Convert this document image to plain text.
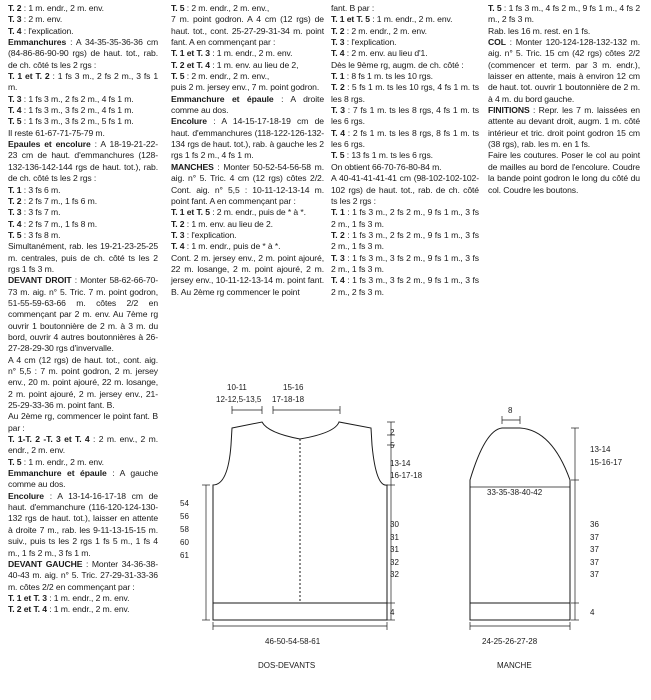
T. 2 : 1 m. endr., 2 m. env.

T. 3 : 2 m. env.

T. 4 : l'explication.

Emmanchures : A 34-35-35-36-36 cm (84-86-86-90-90 rgs) de haut. tot., rab. de ch. côté ts les 2 rgs :

T. 1 et T. 2 : 1 fs 3 m., 2 fs 2 m., 3 fs 1 m.

T. 3 : 1 fs 3 m., 2 fs 2 m., 4 fs 1 m.

T. 4 : 1 fs 3 m., 3 fs 2 m., 4 fs 1 m.

T. 5 : 1 fs 3 m., 3 fs 2 m., 5 fs 1 m.

Il reste 61-67-71-75-79 m.

Epaules et encolure : A 18-19-21-22-23 cm de haut. d'emmanchures (128-132-136-142-144 rgs de haut. tot.), rab. de ch. côté ts les 2 rgs :

T. 1 : 3 fs 6 m.

T. 2 : 2 fs 7 m., 1 fs 6 m.

T. 3 : 3 fs 7 m.

T. 4 : 2 fs 7 m., 1 fs 8 m.

T. 5 : 3 fs 8 m.

Simultanément, rab. les 19-21-23-25-25 m. centrales, puis de ch. côté ts les 2 rgs 1 fs 3 m.

DEVANT DROIT : Monter 58-62-66-70-73 m. aig. n° 5. Tric. 7 m. point godron, 51-55-59-63-66 m. côtes 2/2 en commençant par 2 m. env. Au 7ème rg ouvrir 1 boutonnière de 2 m. à 3 m. du bord, ouvrir 4 autres boutonnières à 26-27-28-29-30 rgs d'invervalle.

A 4 cm (12 rgs) de haut. tot., cont. aig. n° 5,5 : 7 m. point godron, 2 m. jersey env., 20 m. point ajouré, 22 m. losange, 2 m. point ajouré, 2 m. jersey env., 21-25-29-33-36 m. point fant. B.

Au 2ème rg, commencer le point fant. B par :

T. 1-T. 2 -T. 3 et T. 4 : 2 m. env., 2 m. endr., 2 m. env.

T. 5 : 1 m. endr., 2 m. env.

Emmanchure et épaule : A gauche comme au dos.

Encolure : A 13-14-16-17-18 cm de haut. d'emmanchure (116-120-124-130-132 rgs de haut. tot.), laisser en attente à droite 7 m., rab. les 9-11-13-15-15 m. suiv., puis ts les 2 rgs 1 fs 5 m., 1 fs 4 m., 1 fs 2 m., 3 fs 1 m.

DEVANT GAUCHE : Monter 34-36-38-40-43 m. aig. n° 5. Tric. 27-29-31-33-36 m. côtes 2/2 en commençant par :

T. 1 et T. 3 : 1 m. endr., 2 m. env.

T. 2 et T. 4 : 1 m. endr., 2 m. env.

T. 5 : 2 m. endr., 2 m. env.,

7 m. point godron. A 4 cm (12 rgs) de haut. tot., cont. 25-27-29-31-34 m. point fant. A en commençant par :

T. 1 et T. 3 : 1 m. endr., 2 m. env.

T. 2 et T. 4 : 1 m. env. au lieu de 2,

T. 5 : 2 m. endr., 2 m. env.,

puis 2 m. jersey env., 7 m. point godron.

Emmanchure et épaule : A droite comme au dos.

Encolure : A 14-15-17-18-19 cm de haut. d'emmanchures (118-122-126-132-134 rgs de haut. tot.), rab. à gauche les 2 rgs 1 fs 2 m., 4 fs 1 m.

MANCHES : Monter 50-52-54-56-58 m. aig. n° 5. Tric. 4 cm (12 rgs) côtes 2/2. Cont. aig. n° 5,5 : 10-11-12-13-14 m. point fant. A en commençant par :

T. 1 et T. 5 : 2 m. endr., puis de * à *.

T. 2 : 1 m. env. au lieu de 2.

T. 3 : l'explication.

T. 4 : 1 m. endr., puis de * à *.

Cont. 2 m. jersey env., 2 m. point ajouré, 22 m. losange, 2 m. point ajouré, 2 m. jersey env., 10-11-12-13-14 m. point fant. B. Au 2ème rg commencer le point

fant. B par :

T. 1 et T. 5 : 1 m. endr., 2 m. env.

T. 2 : 2 m. endr., 2 m. env.

T. 3 : l'explication.

T. 4 : 2 m. env. au lieu d'1.

Dès le 9ème rg, augm. de ch. côté :

T. 1 : 8 fs 1 m. ts les 10 rgs.

T. 2 : 5 fs 1 m. ts les 10 rgs, 4 fs 1 m. ts les 8 rgs.

T. 3 : 7 fs 1 m. ts les 8 rgs, 4 fs 1 m. ts les 6 rgs.

T. 4 : 2 fs 1 m. ts les 8 rgs, 8 fs 1 m. ts les 6 rgs.

T. 5 : 13 fs 1 m. ts les 6 rgs.

On obtient 66-70-76-80-84 m.

A 40-41-41-41-41 cm (98-102-102-102-102 rgs) de haut. tot., rab. de ch. côté ts les 2 rgs :

T. 1 : 1 fs 3 m., 2 fs 2 m., 9 fs 1 m., 3 fs 2 m., 1 fs 3 m.

T. 2 : 1 fs 3 m., 2 fs 2 m., 9 fs 1 m., 3 fs 2 m., 1 fs 3 m.

T. 3 : 1 fs 3 m., 3 fs 2 m., 9 fs 1 m., 3 fs 2 m., 1 fs 3 m.

T. 4 : 1 fs 3 m., 3 fs 2 m., 9 fs 1 m., 3 fs 2 m., 2 fs 3 m.

T. 5 : 1 fs 3 m., 4 fs 2 m., 9 fs 1 m., 4 fs 2 m., 2 fs 3 m.

Rab. les 16 m. rest. en 1 fs.

COL : Monter 120-124-128-132-132 m. aig. n° 5. Tric. 15 cm (42 rgs) côtes 2/2 (commencer et term. par 3 m. endr.), laisser en attente, mais à environ 12 cm de haut. tot. ouvrir 1 boutonnière de 2 m. à 4 m. du bord gauche.

FINITIONS : Repr. les 7 m. laissées en attente au devant droit, augm. 1 m. côté intérieur et tric. droit point godron 15 cm (38 rgs), rab. les m. en 1 fs.

Faire les coutures. Poser le col au point de mailles au bord de l'encolure. Coudre la bande point godron le long du côté du col. Coudre les boutons.

10-11
12-12,5-13,5
15-16
17-18-18
54
56
58
60
61
2
5
13-14
16-17-18
30
31
31
32
32
4
46-50-54-58-61
DOS-DEVANTS
8
13-14
15-16-17
33-35-38-40-42
36
37
37
37
37
4
24-25-26-27-28
MANCHE
